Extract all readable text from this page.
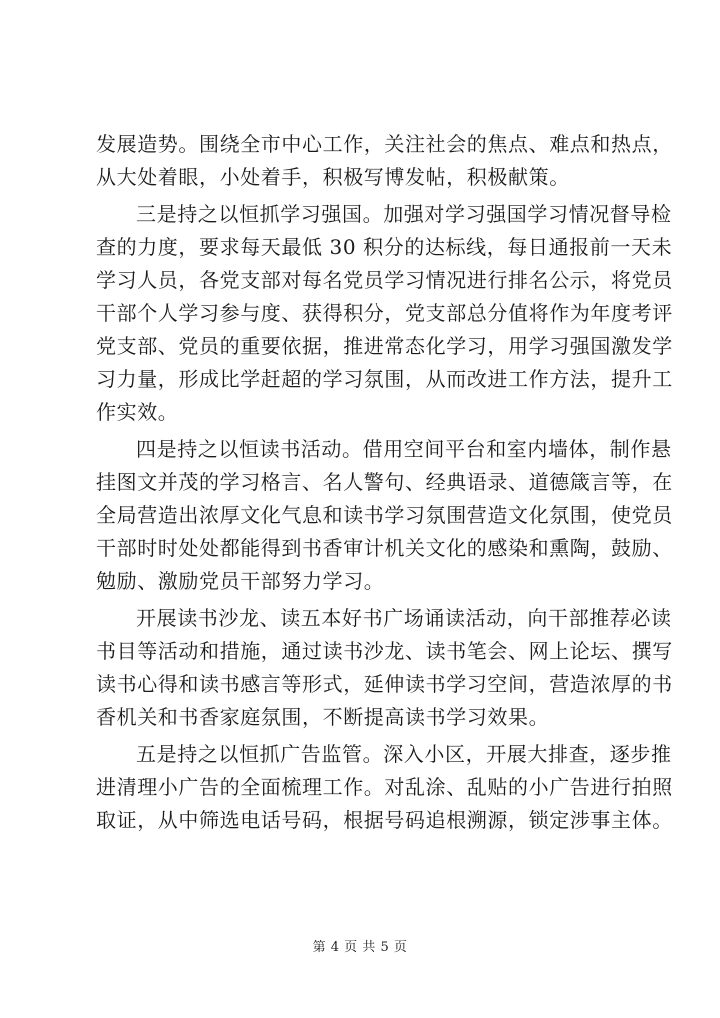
发展造势。围绕全市中心工作，关注社会的焦点、难点和热点，
从大处着眼，小处着手，积极写博发帖，积极献策。
三是持之以恒抓学习强国。加强对学习强国学习情况督导检
查的力度，要求每天最低 30 积分的达标线，每日通报前一天未
学习人员，各党支部对每名党员学习情况进行排名公示，将党员
干部个人学习参与度、获得积分，党支部总分值将作为年度考评
党支部、党员的重要依据，推进常态化学习，用学习强国激发学
习力量，形成比学赶超的学习氛围，从而改进工作方法，提升工
作实效。
四是持之以恒读书活动。借用空间平台和室内墙体，制作悬
挂图文并茂的学习格言、名人警句、经典语录、道德箴言等，在
全局营造出浓厚文化气息和读书学习氛围营造文化氛围，使党员
干部时时处处都能得到书香审计机关文化的感染和熏陶，鼓励、
勉励、激励党员干部努力学习。
开展读书沙龙、读五本好书广场诵读活动，向干部推荐必读
书目等活动和措施，通过读书沙龙、读书笔会、网上论坛、撰写
读书心得和读书感言等形式，延伸读书学习空间，营造浓厚的书
香机关和书香家庭氛围，不断提高读书学习效果。
五是持之以恒抓广告监管。深入小区，开展大排查，逐步推
进清理小广告的全面梳理工作。对乱涂、乱贴的小广告进行拍照
取证，从中筛选电话号码，根据号码追根溯源，锁定涉事主体。
第 4 页 共 5 页
